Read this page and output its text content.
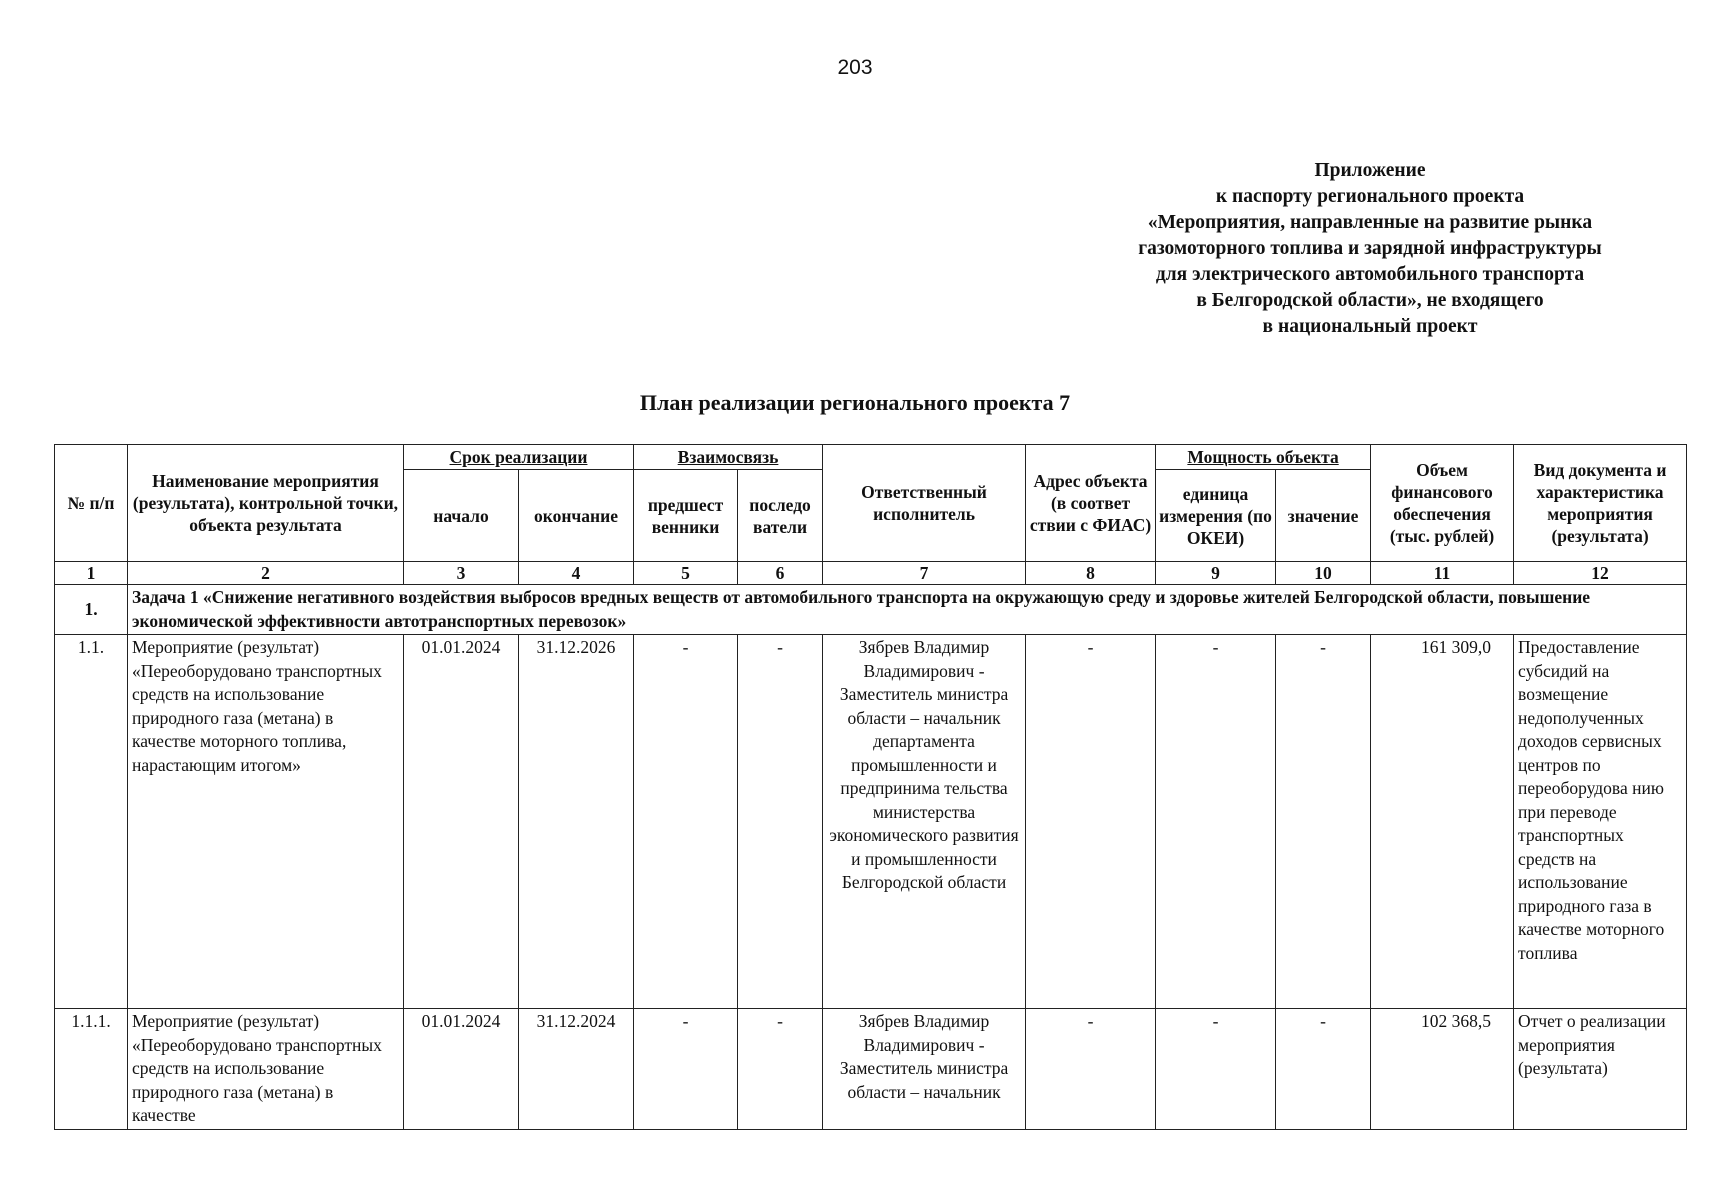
203
Приложение
к паспорту регионального проекта
«Мероприятия, направленные на развитие рынка
газомоторного топлива и зарядной инфраструктуры
для электрического автомобильного транспорта
в Белгородской области», не входящего
в национальный проект
План реализации регионального проекта 7
№ п/п	Наименование мероприятия (результата), контрольной точки, объекта результата	Срок реализации		Взаимосвязь		Ответственный исполнитель	Адрес объекта (в соответ ствии с ФИАС)	Мощность объекта		Объем финансового обеспечения (тыс. рублей)	Вид документа и характеристика мероприятия (результата)
		начало	окончание	предшест венники	последо ватели			единица измерения (по ОКЕИ)	значение		
1	2	3	4	5	6	7	8	9	10	11	12
1.	Задача 1 «Снижение негативного воздействия выбросов вредных веществ от автомобильного транспорта на окружающую среду и здоровье жителей Белгородской области, повышение экономической эффективности автотранспортных перевозок»										
1.1.	Мероприятие (результат) «Переоборудовано транспортных средств на использование природного газа (метана) в качестве моторного топлива, нарастающим итогом»	01.01.2024	31.12.2026	-	-	Зябрев Владимир Владимирович - Заместитель министра области – начальник департамента промышленности и предпринима тельства министерства экономического развития и промышленности Белгородской области	-	-	-	161 309,0	Предоставление субсидий на возмещение недополученных доходов сервисных центров по переоборудова нию при переводе транспортных средств на использование природного газа в качестве моторного топлива
1.1.1.	Мероприятие (результат) «Переоборудовано транспортных средств на использование природного газа (метана) в качестве	01.01.2024	31.12.2024	-	-	Зябрев Владимир Владимирович - Заместитель министра области – начальник	-	-	-	102 368,5	Отчет о реализации мероприятия (результата)
